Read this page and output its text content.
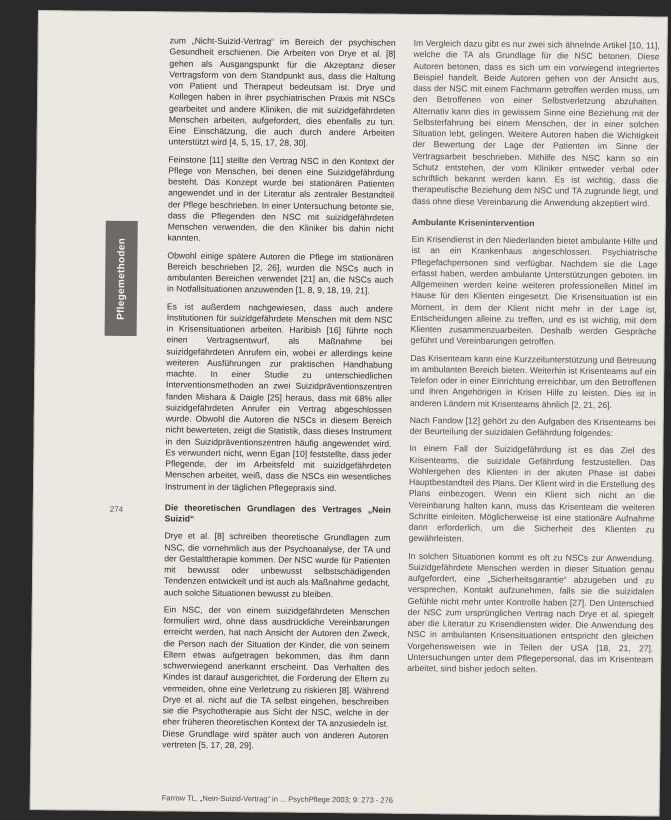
Pflegemethoden
274

zum „Nicht-Suizid-Vertrag“ im Bereich der psychischen Gesundheit erschienen. Die Arbeiten von Drye et al. [8] gehen als Ausgangspunkt für die Akzeptanz dieser Vertragsform von dem Standpunkt aus, dass die Haltung von Patient und Therapeut bedeutsam ist. Drye und Kollegen haben in ihrer psychiatrischen Praxis mit NSCs gearbeitet und andere Kliniken, die mit suizidgefährdeten Menschen arbeiten, aufgefordert, dies ebenfalls zu tun. Eine Einschätzung, die auch durch andere Arbeiten unterstützt wird [4, 5, 15, 17, 28, 30].

Feinstone [11] stellte den Vertrag NSC in den Kontext der Pflege von Menschen, bei denen eine Suizidgefährdung besteht. Das Konzept wurde bei stationären Patienten angewendet und in der Literatur als zentraler Bestandteil der Pflege beschrieben. In einer Untersuchung betonte sie, dass die Pflegenden den NSC mit suizidgefährdeten Menschen verwenden, die den Kliniker bis dahin nicht kannten.

Obwohl einige spätere Autoren die Pflege im stationären Bereich beschrieben [2, 26], wurden die NSCs auch in ambulanten Bereichen verwendet [21] an, die NSCs auch in Notfallsituationen anzuwenden [1, 8, 9, 18, 19, 21].

Es ist außerdem nachgewiesen, dass auch andere Institutionen für suizidgefährdete Menschen mit dem NSC in Krisensituationen arbeiten. Haribish [16] führte noch einen Vertragsentwurf, als Maßnahme bei suizidgefährdeten Anrufern ein, wobei er allerdings keine weiteren Ausführungen zur praktischen Handhabung machte. In einer Studie zu unterschiedlichen Interventionsmethoden an zwei Suizidpräventionszentren fanden Mishara & Daigle [25] heraus, dass mit 68% aller suizidgefährdeten Anrufer ein Vertrag abgeschlossen wurde. Obwohl die Autoren die NSCs in diesem Bereich nicht bewerteten, zeigt die Statistik, dass dieses Instrument in den Suizidpräventionszentren häufig angewendet wird. Es verwundert nicht, wenn Egan [10] feststellte, dass jeder Pflegende, der im Arbeitsfeld mit suizidgefährdeten Menschen arbeitet, weiß, dass die NSCs ein wesentliches Instrument in der täglichen Pflegepraxis sind.

Die theoretischen Grundlagen des Vertrages „Nein Suizid“

Drye et al. [8] schreiben theoretische Grundlagen zum NSC, die vornehmlich aus der Psychoanalyse, der TA und der Gestalttherapie kommen. Der NSC wurde für Patienten mit bewusst oder unbewusst selbstschädigenden Tendenzen entwickelt und ist auch als Maßnahme gedacht, auch solche Situationen bewusst zu bleiben.

Ein NSC, der von einem suizidgefährdeten Menschen formuliert wird, ohne dass ausdrückliche Vereinbarungen erreicht werden, hat nach Ansicht der Autoren den Zweck, die Person nach der Situation der Kinder, die von seinem Eltern etwas aufgetragen bekommen, das ihm dann schwerwiegend anerkannt erscheint. Das Verhalten des Kindes ist darauf ausgerichtet, die Forderung der Eltern zu vermeiden, ohne eine Verletzung zu riskieren [8]. Während Drye et al. nicht auf die TA selbst eingehen, beschreiben sie die Psychotherapie aus Sicht der NSC, welche in der eher früheren theoretischen Kontext der TA anzusiedeln ist. Diese Grundlage wird später auch von anderen Autoren vertreten [5, 17, 28, 29].

Im Vergleich dazu gibt es nur zwei sich ähnelnde Artikel [10, 11], welche die TA als Grundlage für die NSC betonen. Diese Autoren betonen, dass es sich um ein vorwiegend integriertes Beispiel handelt. Beide Autoren gehen von der Ansicht aus, dass der NSC mit einem Fachmann getroffen werden muss, um den Betroffenen von einer Selbstverletzung abzuhalten. Alternativ kann dies in gewissem Sinne eine Beziehung mit der Selbsterfahrung bei einem Menschen, der in einer solchen Situation lebt, gelingen. Weitere Autoren haben die Wichtigkeit der Bewertung der Lage der Patienten im Sinne der Vertragsarbeit beschrieben. Mithilfe des NSC kann so ein Schutz entstehen, der vom Kliniker entweder verbal oder schriftlich bekannt werden kann. Es ist wichtig, dass die therapeutische Beziehung dem NSC und TA zugrunde liegt, und dass ohne diese Vereinbarung die Anwendung akzeptiert wird.

Ambulante Krisenintervention

Ein Krisendienst in den Niederlanden bietet ambulante Hilfe und ist an ein Krankenhaus angeschlossen. Psychiatrische Pflegefachpersonen sind verfügbar. Nachdem sie die Lage erfasst haben, werden ambulante Unterstützungen geboten. Im Allgemeinen werden keine weiteren professionellen Mittel im Hause für den Klienten eingesetzt. Die Krisensituation ist ein Moment, in dem der Klient nicht mehr in der Lage ist, Entscheidungen alleine zu treffen, und es ist wichtig, mit dem Klienten zusammenzuarbeiten. Deshalb werden Gespräche geführt und Vereinbarungen getroffen.

Das Krisenteam kann eine Kurzzeitunterstützung und Betreuung im ambulanten Bereich bieten. Weiterhin ist Krisenteams auf ein Telefon oder in einer Einrichtung erreichbar, um den Betroffenen und ihren Angehörigen in Krisen Hilfe zu leisten. Dies ist in anderen Ländern mit Krisenteams ähnlich [2, 21, 26].

Nach Fandow [12] gehört zu den Aufgaben des Krisenteams bei der Beurteilung der suizidalen Gefährdung folgendes:

In einem Fall der Suizidgefährdung ist es das Ziel des Krisenteams, die suizidale Gefährdung festzustellen. Das Wohlergehen des Klienten in der akuten Phase ist dabei Hauptbestandteil des Plans. Der Klient wird in die Erstellung des Plans einbezogen. Wenn ein Klient sich nicht an die Vereinbarung halten kann, muss das Krisenteam die weiteren Schritte einleiten. Möglicherweise ist eine stationäre Aufnahme dann erforderlich, um die Sicherheit des Klienten zu gewährleisten.

In solchen Situationen kommt es oft zu NSCs zur Anwendung. Suizidgefährdete Menschen werden in dieser Situation genau aufgefordert, eine „Sicherheitsgarantie“ abzugeben und zu versprechen, Kontakt aufzunehmen, falls sie die suizidalen Gefühle nicht mehr unter Kontrolle haben [27]. Den Unterschied der NSC zum ursprünglichen Vertrag nach Drye et al. spiegelt aber die Literatur zu Krisendiensten wider. Die Anwendung des NSC in ambulanten Krisensituationen entspricht den gleichen Vorgehensweisen wie in Teilen der USA [18, 21, 27]. Untersuchungen unter dem Pflegepersonal, das im Krisenteam arbeitet, sind bisher jedoch selten.

Farrow TL. „Nein-Suizid-Vertrag“ in ... PsychPflege 2003; 9: 273 - 276
